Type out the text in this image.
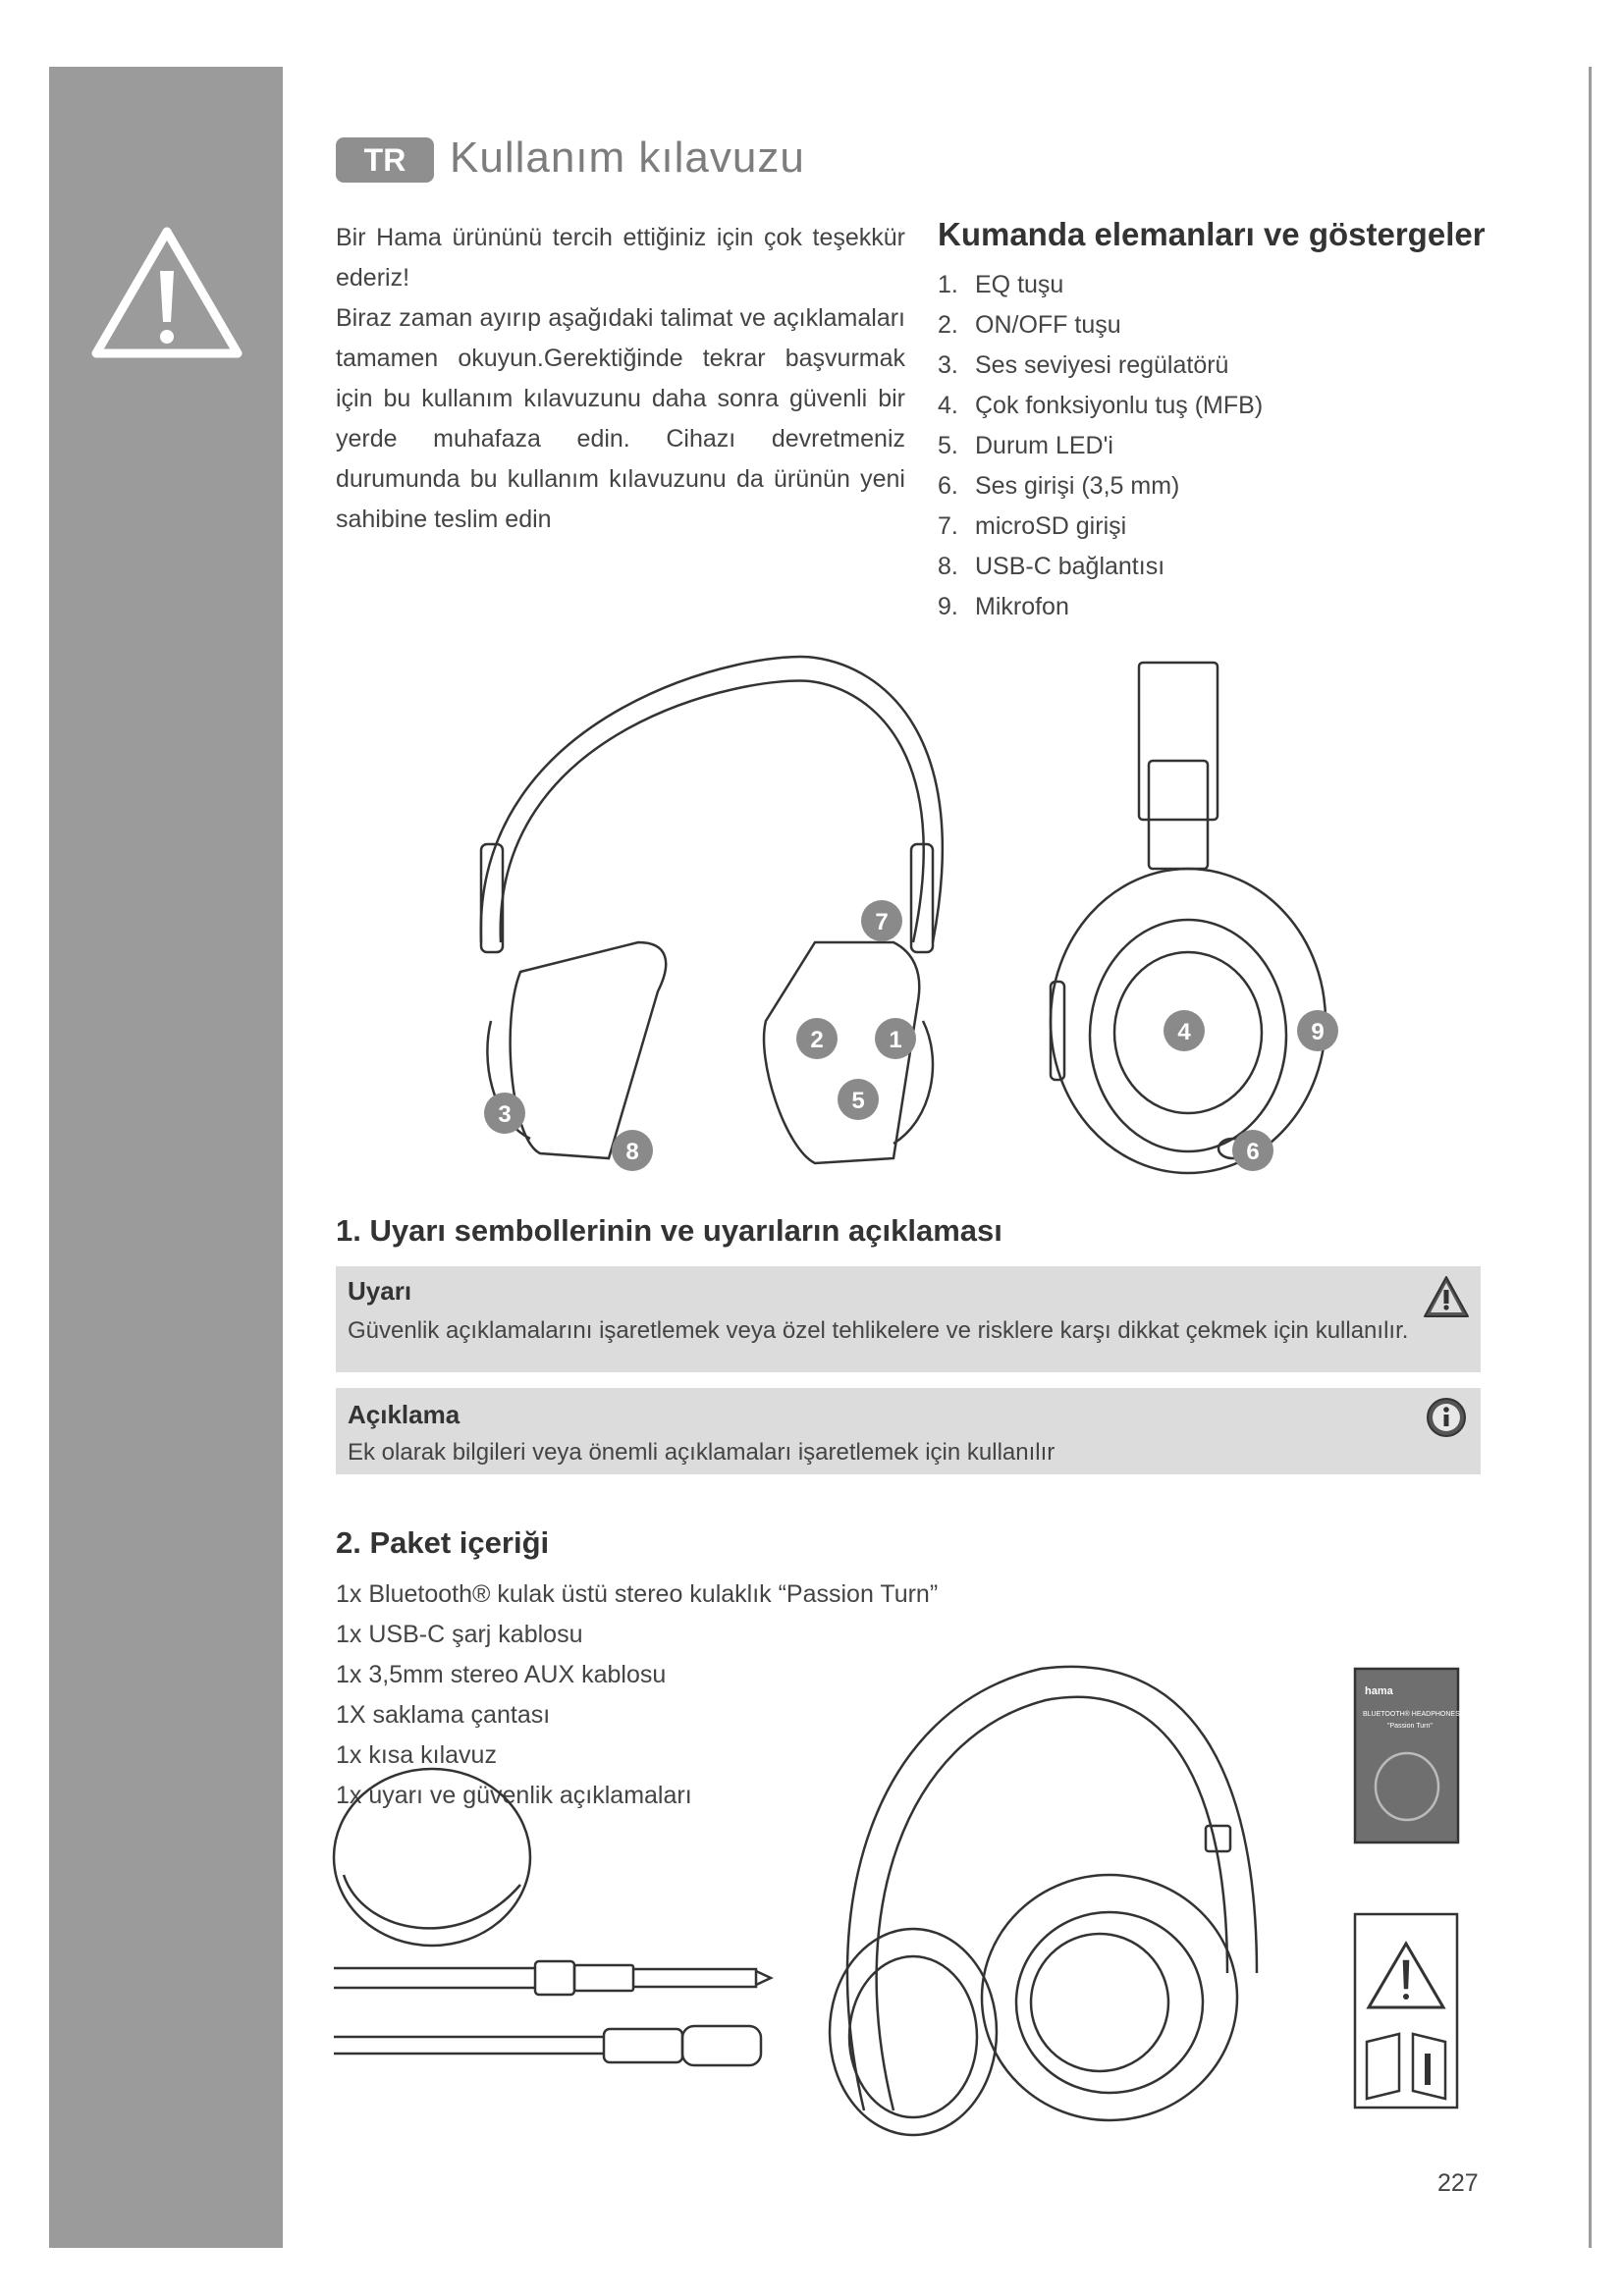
TR	Kullanım kılavuzu

Bir Hama ürününü tercih ettiğiniz için çok teşekkür ederiz!

Biraz zaman ayırıp aşağıdaki talimat ve açıklamaları tamamen okuyun.Gerektiğinde tekrar başvurmak için bu kullanım kılavuzunu daha sonra güvenli bir yerde muhafaza edin. Cihazı devretmeniz durumunda bu kullanım kılavuzunu da ürünün yeni sahibine teslim edin

Kumanda elemanları ve göstergeler
1. EQ tuşu
2. ON/OFF tuşu
3. Ses seviyesi regülatörü
4. Çok fonksiyonlu tuş (MFB)
5. Durum LED'i
6. Ses girişi (3,5 mm)
7. microSD girişi
8. USB-C bağlantısı
9. Mikrofon
7
2	1
5
3
8
4	9
6
1. Uyarı sembollerinin ve uyarıların açıklaması
Uyarı
Güvenlik açıklamalarını işaretlemek veya özel tehlikelere ve risklere karşı dikkat çekmek için kullanılır.
Açıklama
Ek olarak bilgileri veya önemli açıklamaları işaretlemek için kullanılır
2. Paket içeriği
1x Bluetooth® kulak üstü stereo kulaklık “Passion Turn”
1x USB-C şarj kablosu
1x 3,5mm stereo AUX kablosu
1X saklama çantası
1x kısa kılavuz
1x uyarı ve güvenlik açıklamaları
hama
BLUETOOTH® HEADPHONES
"Passion Turn"
227
